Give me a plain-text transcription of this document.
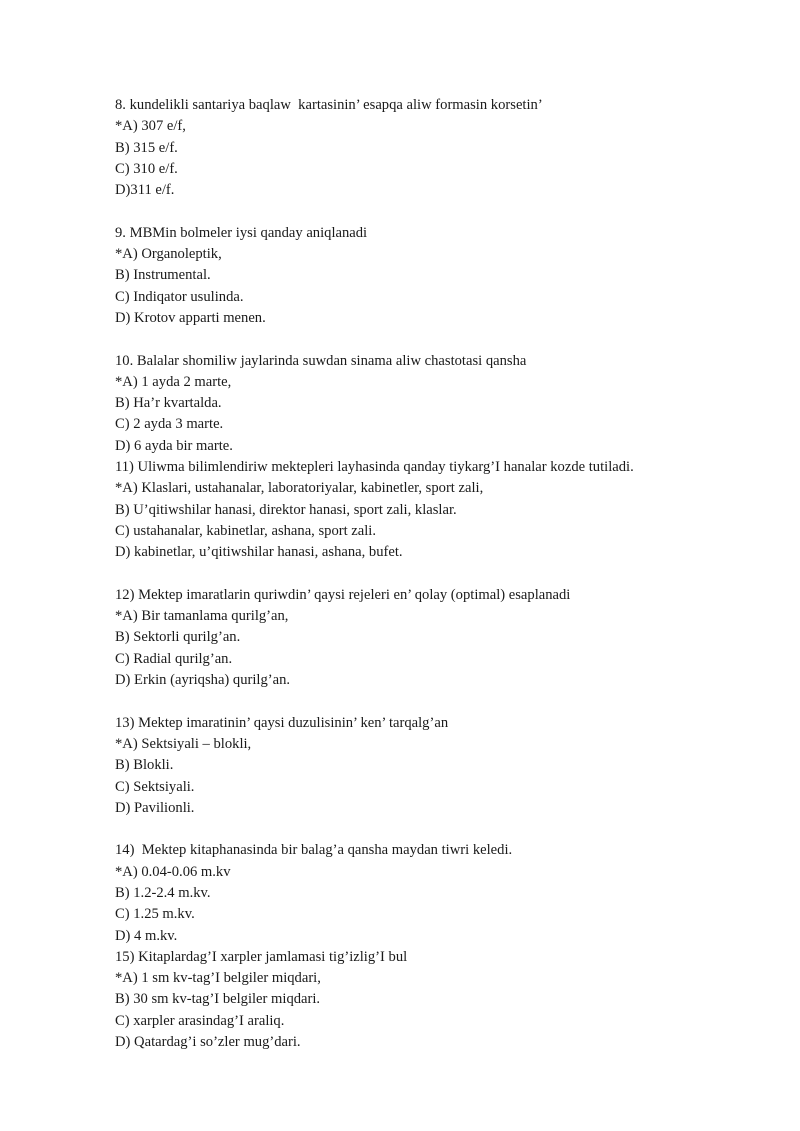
8. kundelikli santariya baqlaw  kartasinin’ esapqa aliw formasin korsetin’
*A) 307 e/f,
B) 315 e/f.
C) 310 e/f.
D)311 e/f.
9. MBMin bolmeler iysi qanday aniqlanadi
*A) Organoleptik,
B) Instrumental.
C) Indiqator usulinda.
D) Krotov apparti menen.
10. Balalar shomiliw jaylarinda suwdan sinama aliw chastotasi qansha
*A) 1 ayda 2 marte,
B) Ha’r kvartalda.
C) 2 ayda 3 marte.
D) 6 ayda bir marte.
11) Uliwma bilimlendiriw mektepleri layhasinda qanday tiykarg’I hanalar kozde tutiladi.
*A) Klaslari, ustahanalar, laboratoriyalar, kabinetler, sport zali,
B) U’qitiwshilar hanasi, direktor hanasi, sport zali, klaslar.
C) ustahanalar, kabinetlar, ashana, sport zali.
D) kabinetlar, u’qitiwshilar hanasi, ashana, bufet.
12) Mektep imaratlarin quriwdin’ qaysi rejeleri en’ qolay (optimal) esaplanadi
*A) Bir tamanlama qurilg’an,
B) Sektorli qurilg’an.
C) Radial qurilg’an.
D) Erkin (ayriqsha) qurilg’an.
13) Mektep imaratinin’ qaysi duzulisinin’ ken’ tarqalg’an
*A) Sektsiyali – blokli,
B) Blokli.
C) Sektsiyali.
D) Pavilionli.
14)  Mektep kitaphanasinda bir balag’a qansha maydan tiwri keledi.
*A) 0.04-0.06 m.kv
B) 1.2-2.4 m.kv.
C) 1.25 m.kv.
D) 4 m.kv.
15) Kitaplardag’I xarpler jamlamasi tig’izlig’I bul
*A) 1 sm kv-tag’I belgiler miqdari,
B) 30 sm kv-tag’I belgiler miqdari.
C) xarpler arasindag’I araliq.
D) Qatardag’i so’zler mug’dari.
